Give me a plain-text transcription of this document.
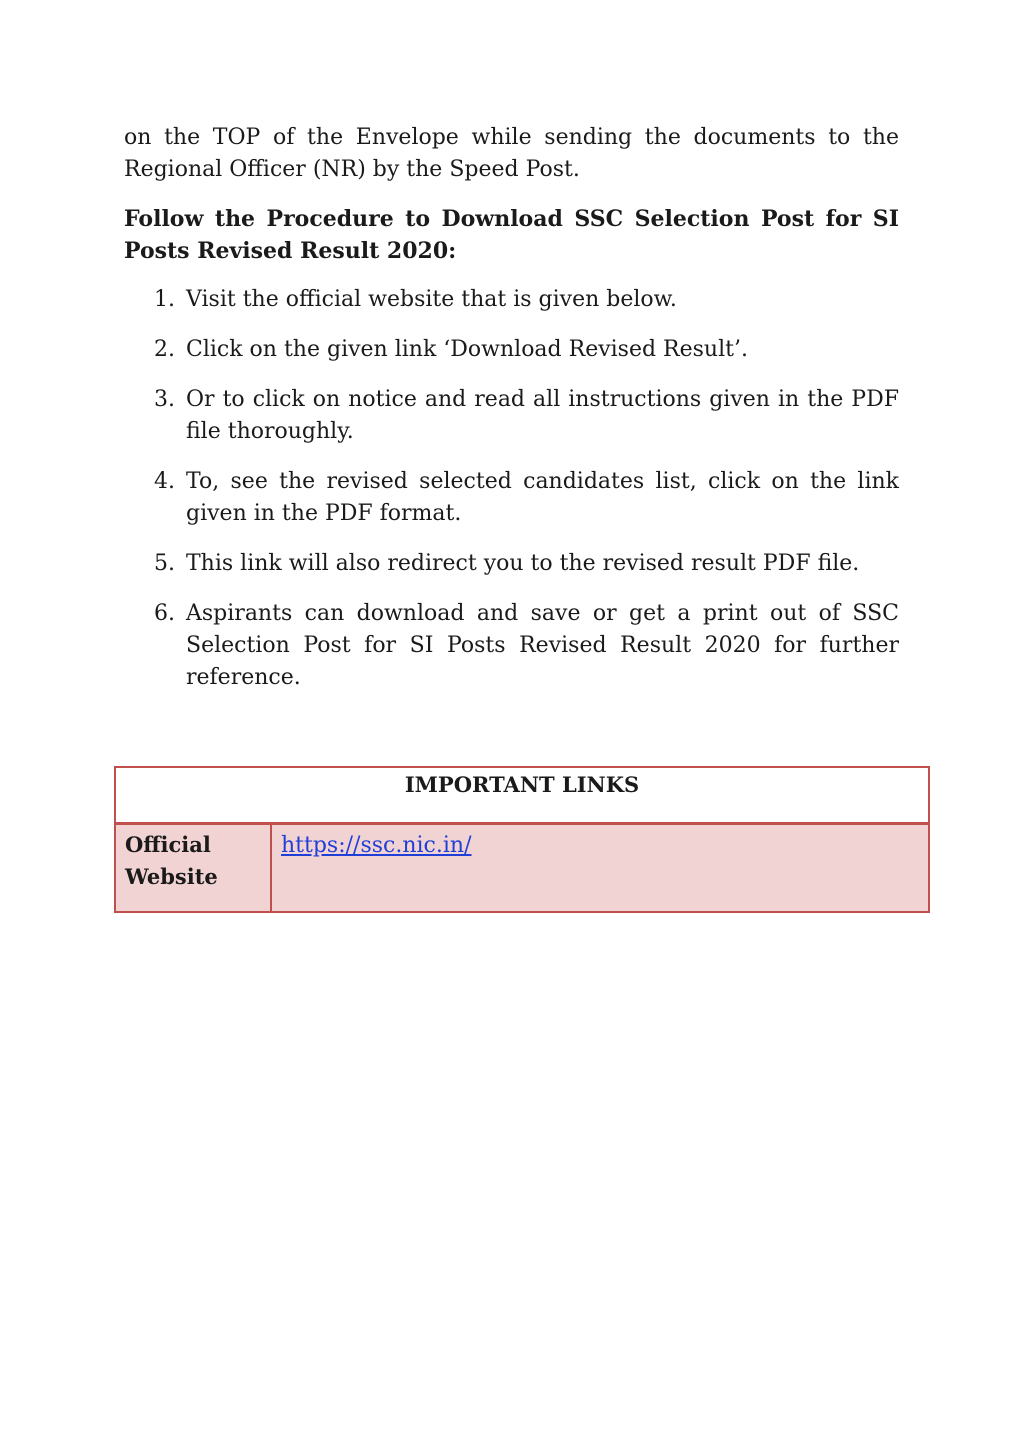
on the TOP of the Envelope while sending the documents to the Regional Officer (NR) by the Speed Post.

Follow the Procedure to Download SSC Selection Post for SI Posts Revised Result 2020:

1. Visit the official website that is given below.
2. Click on the given link ‘Download Revised Result’.
3. Or to click on notice and read all instructions given in the PDF file thoroughly.
4. To, see the revised selected candidates list, click on the link given in the PDF format.
5. This link will also redirect you to the revised result PDF file.
6. Aspirants can download and save or get a print out of SSC Selection Post for SI Posts Revised Result 2020 for further reference.
IMPORTANT LINKS
Official Website	https://ssc.nic.in/
